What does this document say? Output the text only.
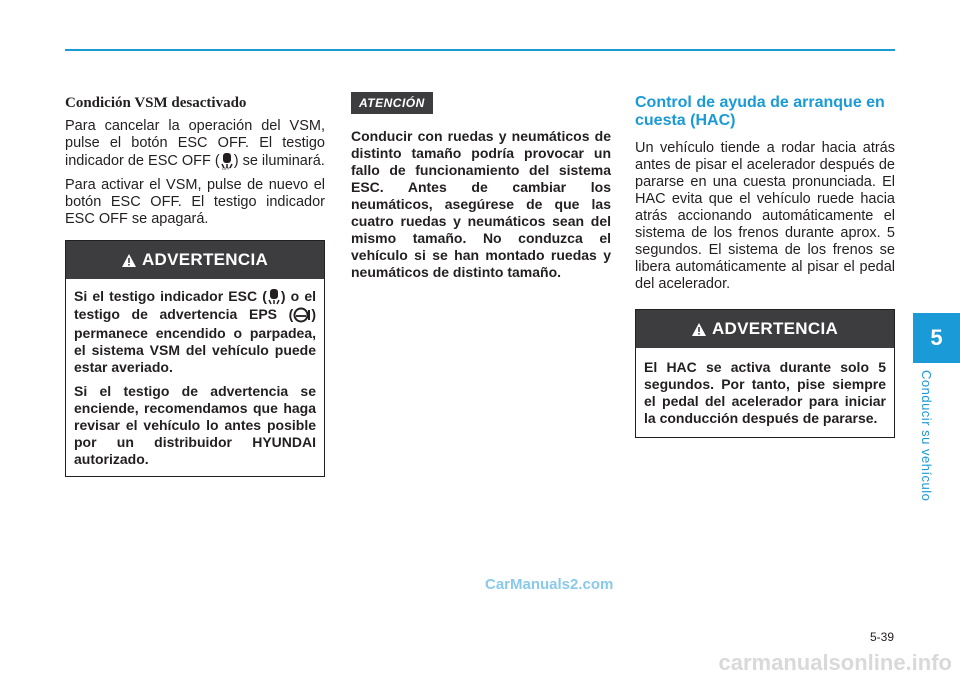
Condición VSM desactivado

Para cancelar la operación del VSM, pulse el botón ESC OFF. El testigo indicador de ESC OFF ( OFF ) se iluminará.

Para activar el VSM, pulse de nuevo el botón ESC OFF. El testigo indicador ESC OFF se apagará.

ADVERTENCIA

Si el testigo indicador ESC ( ) o el testigo de advertencia EPS ( ) permanece encendido o parpadea, el sistema VSM del vehículo puede estar averiado.

Si el testigo de advertencia se enciende, recomendamos que haga revisar el vehículo lo antes posible por un distribuidor HYUNDAI autorizado.

ATENCIÓN
Conducir con ruedas y neumáticos de distinto tamaño podría provocar un fallo de funcionamiento del sistema ESC. Antes de cambiar los neumáticos, asegúrese de que las cuatro ruedas y neumáticos sean del mismo tamaño. No conduzca el vehículo si se han montado ruedas y neumáticos de distinto tamaño.
Control de ayuda de arranque en cuesta (HAC)

Un vehículo tiende a rodar hacia atrás antes de pisar el acelerador después de pararse en una cuesta pronunciada. El HAC evita que el vehículo ruede hacia atrás accionando automáticamente el sistema de los frenos durante aprox. 5 segundos. El sistema de los frenos se libera automáticamente al pisar el pedal del acelerador.

ADVERTENCIA

El HAC se activa durante solo 5 segundos. Por tanto, pise siempre el pedal del acelerador para iniciar la conducción después de pararse.

5
Conducir su vehículo
5-39
CarManuals2.com
carmanualsonline.info
